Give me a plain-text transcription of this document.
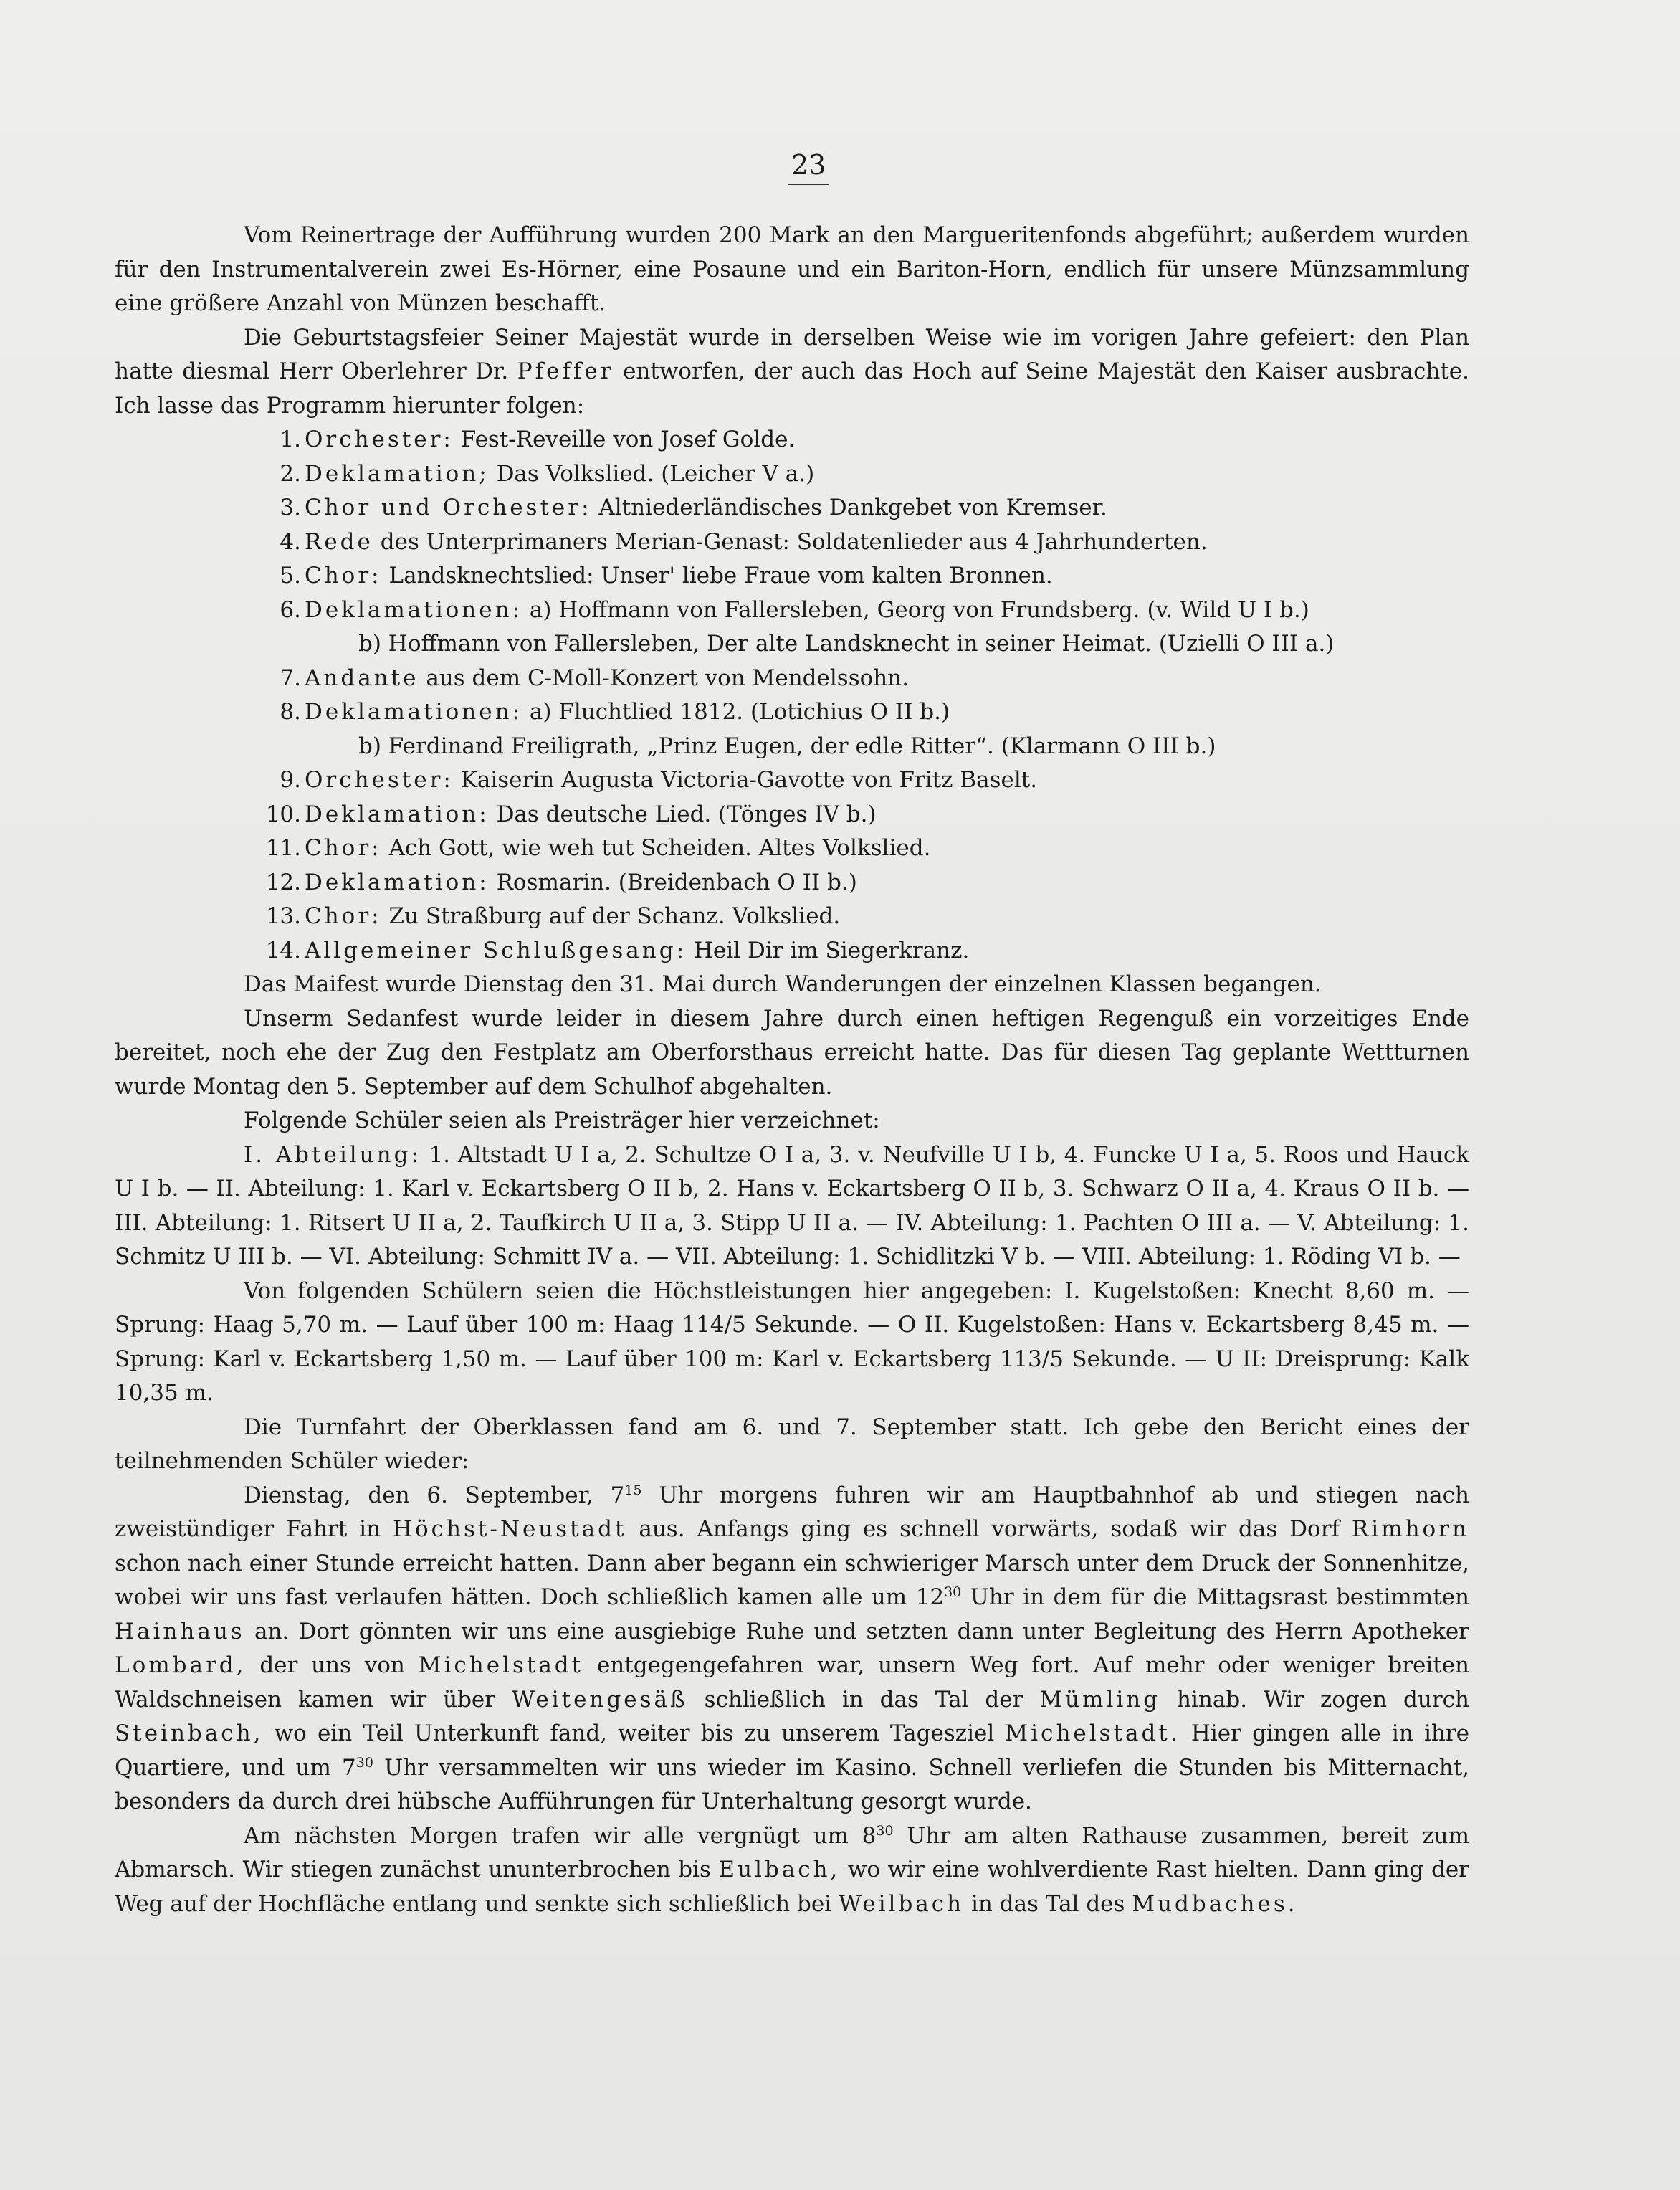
23

Vom Reinertrage der Aufführung wurden 200 Mark an den Margueritenfonds abgeführt; außerdem wurden für den Instrumentalverein zwei Es-Hörner, eine Posaune und ein Bariton-Horn, endlich für unsere Münzsammlung eine größere Anzahl von Münzen beschafft.

Die Geburtstagsfeier Seiner Majestät wurde in derselben Weise wie im vorigen Jahre gefeiert: den Plan hatte diesmal Herr Oberlehrer Dr. Pfeffer entworfen, der auch das Hoch auf Seine Majestät den Kaiser ausbrachte. Ich lasse das Programm hierunter folgen:

1. Orchester: Fest-Reveille von Josef Golde.
2. Deklamation; Das Volkslied. (Leicher V a.)
3. Chor und Orchester: Altniederländisches Dankgebet von Kremser.
4. Rede des Unterprimaners Merian-Genast: Soldatenlieder aus 4 Jahrhunderten.
5. Chor: Landsknechtslied: Unser' liebe Fraue vom kalten Bronnen.
6. Deklamationen: a) Hoffmann von Fallersleben, Georg von Frundsberg. (v. Wild U I b.)
b) Hoffmann von Fallersleben, Der alte Landsknecht in seiner Heimat. (Uzielli O III a.)
7. Andante aus dem C-Moll-Konzert von Mendelssohn.
8. Deklamationen: a) Fluchtlied 1812. (Lotichius O II b.)
b) Ferdinand Freiligrath, „Prinz Eugen, der edle Ritter“. (Klarmann O III b.)
9. Orchester: Kaiserin Augusta Victoria-Gavotte von Fritz Baselt.
10. Deklamation: Das deutsche Lied. (Tönges IV b.)
11. Chor: Ach Gott, wie weh tut Scheiden. Altes Volkslied.
12. Deklamation: Rosmarin. (Breidenbach O II b.)
13. Chor: Zu Straßburg auf der Schanz. Volkslied.
14. Allgemeiner Schlußgesang: Heil Dir im Siegerkranz.

Das Maifest wurde Dienstag den 31. Mai durch Wanderungen der einzelnen Klassen begangen.

Unserm Sedanfest wurde leider in diesem Jahre durch einen heftigen Regenguß ein vorzeitiges Ende bereitet, noch ehe der Zug den Festplatz am Oberforsthaus erreicht hatte. Das für diesen Tag geplante Wettturnen wurde Montag den 5. September auf dem Schulhof abgehalten.

Folgende Schüler seien als Preisträger hier verzeichnet:

I. Abteilung: 1. Altstadt U I a, 2. Schultze O I a, 3. v. Neufville U I b, 4. Funcke U I a, 5. Roos und Hauck U I b. — II. Abteilung: 1. Karl v. Eckartsberg O II b, 2. Hans v. Eckartsberg O II b, 3. Schwarz O II a, 4. Kraus O II b. — III. Abteilung: 1. Ritsert U II a, 2. Taufkirch U II a, 3. Stipp U II a. — IV. Abteilung: 1. Pachten O III a. — V. Abteilung: 1. Schmitz U III b. — VI. Abteilung: Schmitt IV a. — VII. Abteilung: 1. Schidlitzki V b. — VIII. Abteilung: 1. Röding VI b. —

Von folgenden Schülern seien die Höchstleistungen hier angegeben: I. Kugelstoßen: Knecht 8,60 m. — Sprung: Haag 5,70 m. — Lauf über 100 m: Haag 114/5 Sekunde. — O II. Kugelstoßen: Hans v. Eckartsberg 8,45 m. — Sprung: Karl v. Eckartsberg 1,50 m. — Lauf über 100 m: Karl v. Eckartsberg 113/5 Sekunde. — U II: Dreisprung: Kalk 10,35 m.

Die Turnfahrt der Oberklassen fand am 6. und 7. September statt. Ich gebe den Bericht eines der teilnehmenden Schüler wieder:

Dienstag, den 6. September, $7^{15}$ Uhr morgens fuhren wir am Hauptbahnhof ab und stiegen nach zweistündiger Fahrt in Höchst-Neustadt aus. Anfangs ging es schnell vorwärts, sodaß wir das Dorf Rimhorn schon nach einer Stunde erreicht hatten. Dann aber begann ein schwieriger Marsch unter dem Druck der Sonnenhitze, wobei wir uns fast verlaufen hätten. Doch schließlich kamen alle um $12^{30}$ Uhr in dem für die Mittagsrast bestimmten Hainhaus an. Dort gönnten wir uns eine ausgiebige Ruhe und setzten dann unter Begleitung des Herrn Apotheker Lombard, der uns von Michelstadt entgegengefahren war, unsern Weg fort. Auf mehr oder weniger breiten Waldschneisen kamen wir über Weitengesäß schließlich in das Tal der Mümling hinab. Wir zogen durch Steinbach, wo ein Teil Unterkunft fand, weiter bis zu unserem Tagesziel Michelstadt. Hier gingen alle in ihre Quartiere, und um $7^{30}$ Uhr versammelten wir uns wieder im Kasino. Schnell verliefen die Stunden bis Mitternacht, besonders da durch drei hübsche Aufführungen für Unterhaltung gesorgt wurde.

Am nächsten Morgen trafen wir alle vergnügt um $8^{30}$ Uhr am alten Rathause zusammen, bereit zum Abmarsch. Wir stiegen zunächst ununterbrochen bis Eulbach, wo wir eine wohlverdiente Rast hielten. Dann ging der Weg auf der Hochfläche entlang und senkte sich schließlich bei Weilbach in das Tal des Mudbaches.
